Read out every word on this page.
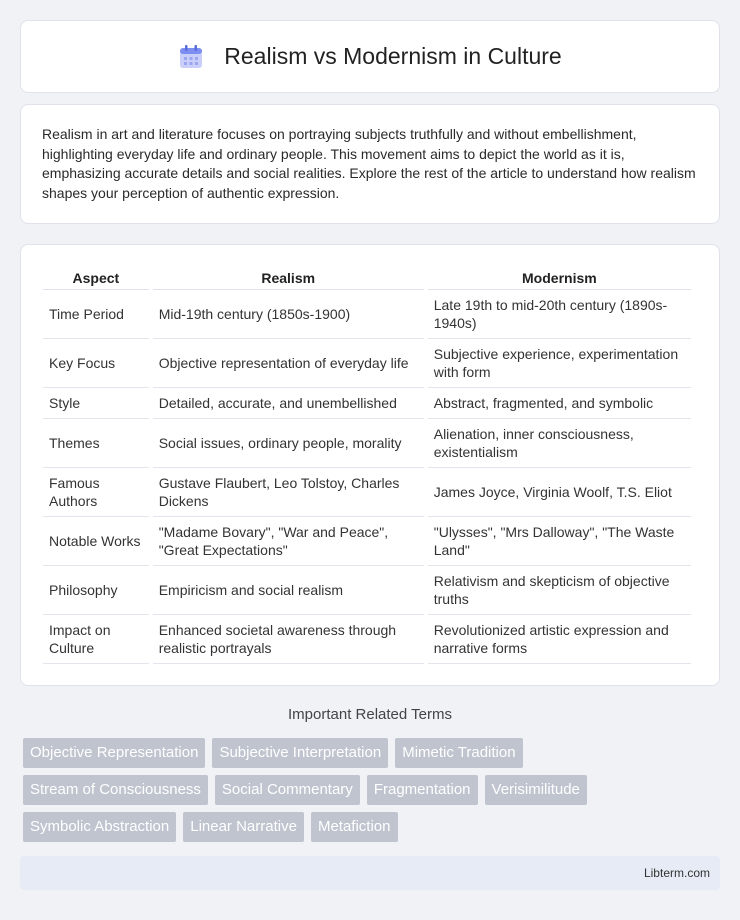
Realism vs Modernism in Culture

Realism in art and literature focuses on portraying subjects truthfully and without embellishment, highlighting everyday life and ordinary people. This movement aims to depict the world as it is, emphasizing accurate details and social realities. Explore the rest of the article to understand how realism shapes your perception of authentic expression.

Aspect	Realism	Modernism
Time Period	Mid-19th century (1850s-1900)	Late 19th to mid-20th century (1890s-1940s)
Key Focus	Objective representation of everyday life	Subjective experience, experimentation with form
Style	Detailed, accurate, and unembellished	Abstract, fragmented, and symbolic
Themes	Social issues, ordinary people, morality	Alienation, inner consciousness, existentialism
Famous Authors	Gustave Flaubert, Leo Tolstoy, Charles Dickens	James Joyce, Virginia Woolf, T.S. Eliot
Notable Works	"Madame Bovary", "War and Peace", "Great Expectations"	"Ulysses", "Mrs Dalloway", "The Waste Land"
Philosophy	Empiricism and social realism	Relativism and skepticism of objective truths
Impact on Culture	Enhanced societal awareness through realistic portrayals	Revolutionized artistic expression and narrative forms
Important Related Terms
Objective Representation	Subjective Interpretation	Mimetic Tradition
Stream of Consciousness	Social Commentary	Fragmentation	Verisimilitude
Symbolic Abstraction	Linear Narrative	Metafiction
Libterm.com
